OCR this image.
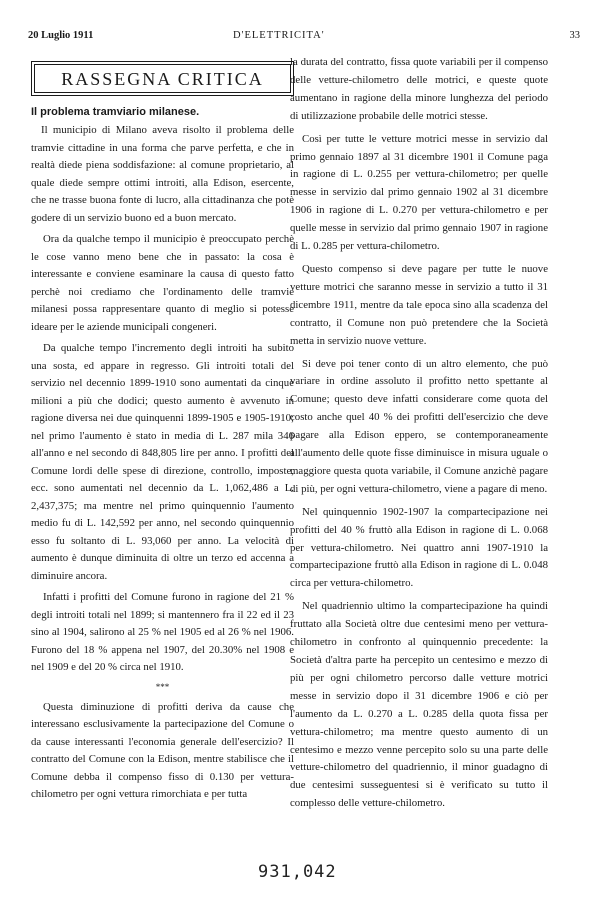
20 Luglio 1911	D'ELETTRICITA'	33
RASSEGNA CRITICA
Il problema tramviario milanese.

Il municipio di Milano aveva risolto il problema delle tramvie cittadine in una forma che parve perfetta, e che in realtà diede piena soddisfazione: al comune proprietario, al quale diede sempre ottimi introiti, alla Edison, esercente, che ne trasse buona fonte di lucro, alla cittadinanza che potè godere di un servizio buono ed a buon mercato.

Ora da qualche tempo il municipio è preoccupato perchè le cose vanno meno bene che in passato: la cosa è interessante e conviene esaminare la causa di questo fatto perchè noi crediamo che l'ordinamento delle tramvie milanesi possa rappresentare quanto di meglio si potesse ideare per le aziende municipali congeneri.

Da qualche tempo l'incremento degli introiti ha subito una sosta, ed appare in regresso. Gli introiti totali del servizio nel decennio 1899-1910 sono aumentati da cinque milioni a più che dodici; questo aumento è avvenuto in ragione diversa nei due quinquenni 1899-1905 e 1905-1910; nel primo l'aumento è stato in media di L. 287 mila 346 all'anno e nel secondo di 848,805 lire per anno. I profitti del Comune lordi delle spese di direzione, controllo, imposte, ecc. sono aumentati nel decennio da L. 1,062,486 a L. 2,437,375; ma mentre nel primo quinquennio l'aumento medio fu di L. 142,592 per anno, nel secondo quinquennio esso fu soltanto di L. 93,060 per anno. La velocità di aumento è dunque diminuita di oltre un terzo ed accenna a diminuire ancora.

Infatti i profitti del Comune furono in ragione del 21 % degli introiti totali nel 1899; si mantennero fra il 22 ed il 23 sino al 1904, salirono al 25 % nel 1905 ed al 26 % nel 1906. Furono del 18 % appena nel 1907, del 20.30% nel 1908 e nel 1909 e del 20 % circa nel 1910.

***

Questa diminuzione di profitti deriva da cause che interessano esclusivamente la partecipazione del Comune o da cause interessanti l'economia generale dell'esercizio? Il contratto del Comune con la Edison, mentre stabilisce che il Comune debba il compenso fisso di 0.130 per vettura-chilometro per ogni vettura rimorchiata e per tutta

la durata del contratto, fissa quote variabili per il compenso delle vetture-chilometro delle motrici, e queste quote aumentano in ragione della minore lunghezza del periodo di utilizzazione probabile delle motrici stesse.

Così per tutte le vetture motrici messe in servizio dal primo gennaio 1897 al 31 dicembre 1901 il Comune paga in ragione di L. 0.255 per vettura-chilometro; per quelle messe in servizio dal primo gennaio 1902 al 31 dicembre 1906 in ragione di L. 0.270 per vettura-chilometro e per quelle messe in servizio dal primo gennaio 1907 in ragione di L. 0.285 per vettura-chilometro.

Questo compenso si deve pagare per tutte le nuove vetture motrici che saranno messe in servizio a tutto il 31 dicembre 1911, mentre da tale epoca sino alla scadenza del contratto, il Comune non può pretendere che la Società metta in servizio nuove vetture.

Si deve poi tener conto di un altro elemento, che può variare in ordine assoluto il profitto netto spettante al Comune; questo deve infatti considerare come quota del costo anche quel 40 % dei profitti dell'esercizio che deve pagare alla Edison eppero, se contemporaneamente all'aumento delle quote fisse diminuisce in misura uguale o maggiore questa quota variabile, il Comune anzichè pagare di più, per ogni vettura-chilometro, viene a pagare di meno.

Nel quinquennio 1902-1907 la compartecipazione nei profitti del 40 % fruttò alla Edison in ragione di L. 0.068 per vettura-chilometro. Nei quattro anni 1907-1910 la compartecipazione fruttò alla Edison in ragione di L. 0.048 circa per vettura-chilometro.

Nel quadriennio ultimo la compartecipazione ha quindi fruttato alla Società oltre due centesimi meno per vettura-chilometro in confronto al quinquennio precedente: la Società d'altra parte ha percepito un centesimo e mezzo di più per ogni chilometro percorso dalle vetture motrici messe in servizio dopo il 31 dicembre 1906 e ciò per l'aumento da L. 0.270 a L. 0.285 della quota fissa per vettura-chilometro; ma mentre questo aumento di un centesimo e mezzo venne percepito solo su una parte delle vetture-chilometro del quadriennio, il minor guadagno di due centesimi susseguentesi si è verificato su tutto il complesso delle vetture-chilometro.

931,042
